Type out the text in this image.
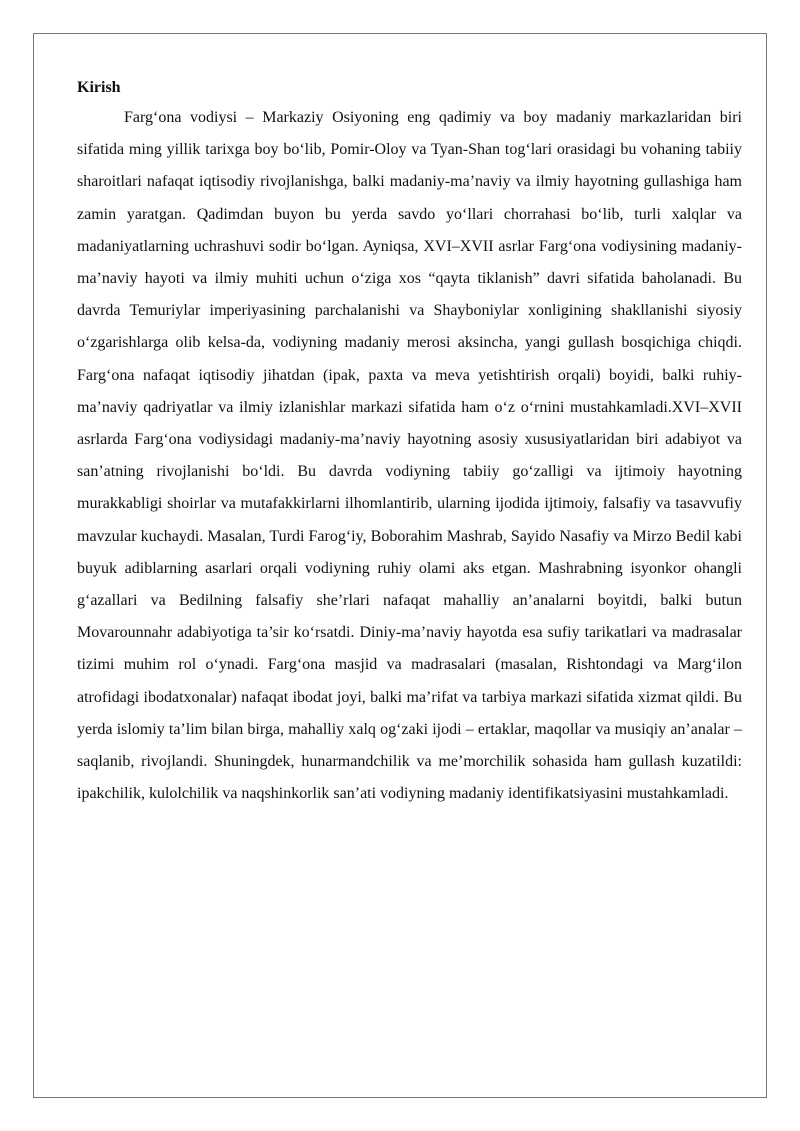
Kirish

Farg‘ona vodiysi – Markaziy Osiyoning eng qadimiy va boy madaniy markazlaridan biri sifatida ming yillik tarixga boy bo‘lib, Pomir-Oloy va Tyan-Shan tog‘lari orasidagi bu vohaning tabiiy sharoitlari nafaqat iqtisodiy rivojlanishga, balki madaniy-ma’naviy va ilmiy hayotning gullashiga ham zamin yaratgan. Qadimdan buyon bu yerda savdo yo‘llari chorrahasi bo‘lib, turli xalqlar va madaniyatlarning uchrashuvi sodir bo‘lgan. Ayniqsa, XVI–XVII asrlar Farg‘ona vodiysining madaniy-ma’naviy hayoti va ilmiy muhiti uchun o‘ziga xos “qayta tiklanish” davri sifatida baholanadi. Bu davrda Temuriylar imperiyasining parchalanishi va Shayboniylar xonligining shakllanishi siyosiy o‘zgarishlarga olib kelsa-da, vodiyning madaniy merosi aksincha, yangi gullash bosqichiga chiqdi. Farg‘ona nafaqat iqtisodiy jihatdan (ipak, paxta va meva yetishtirish orqali) boyidi, balki ruhiy-ma’naviy qadriyatlar va ilmiy izlanishlar markazi sifatida ham o‘z o‘rnini mustahkamladi.XVI–XVII asrlarda Farg‘ona vodiysidagi madaniy-ma’naviy hayotning asosiy xususiyatlaridan biri adabiyot va san’atning rivojlanishi bo‘ldi. Bu davrda vodiyning tabiiy go‘zalligi va ijtimoiy hayotning murakkabligi shoirlar va mutafakkirlarni ilhomlantirib, ularning ijodida ijtimoiy, falsafiy va tasavvufiy mavzular kuchaydi. Masalan, Turdi Farog‘iy, Boborahim Mashrab, Sayido Nasafiy va Mirzo Bedil kabi buyuk adiblarning asarlari orqali vodiyning ruhiy olami aks etgan. Mashrabning isyonkor ohangli g‘azallari va Bedilning falsafiy she’rlari nafaqat mahalliy an’analarni boyitdi, balki butun Movarounnahr adabiyotiga ta’sir ko‘rsatdi. Diniy-ma’naviy hayotda esa sufiy tarikatlari va madrasalar tizimi muhim rol o‘ynadi. Farg‘ona masjid va madrasalari (masalan, Rishtondagi va Marg‘ilon atrofidagi ibodatxonalar) nafaqat ibodat joyi, balki ma’rifat va tarbiya markazi sifatida xizmat qildi. Bu yerda islomiy ta’lim bilan birga, mahalliy xalq og‘zaki ijodi – ertaklar, maqollar va musiqiy an’analar – saqlanib, rivojlandi. Shuningdek, hunarmandchilik va me’morchilik sohasida ham gullash kuzatildi: ipakchilik, kulolchilik va naqshinkorlik san’ati vodiyning madaniy identifikatsiyasini mustahkamladi.
